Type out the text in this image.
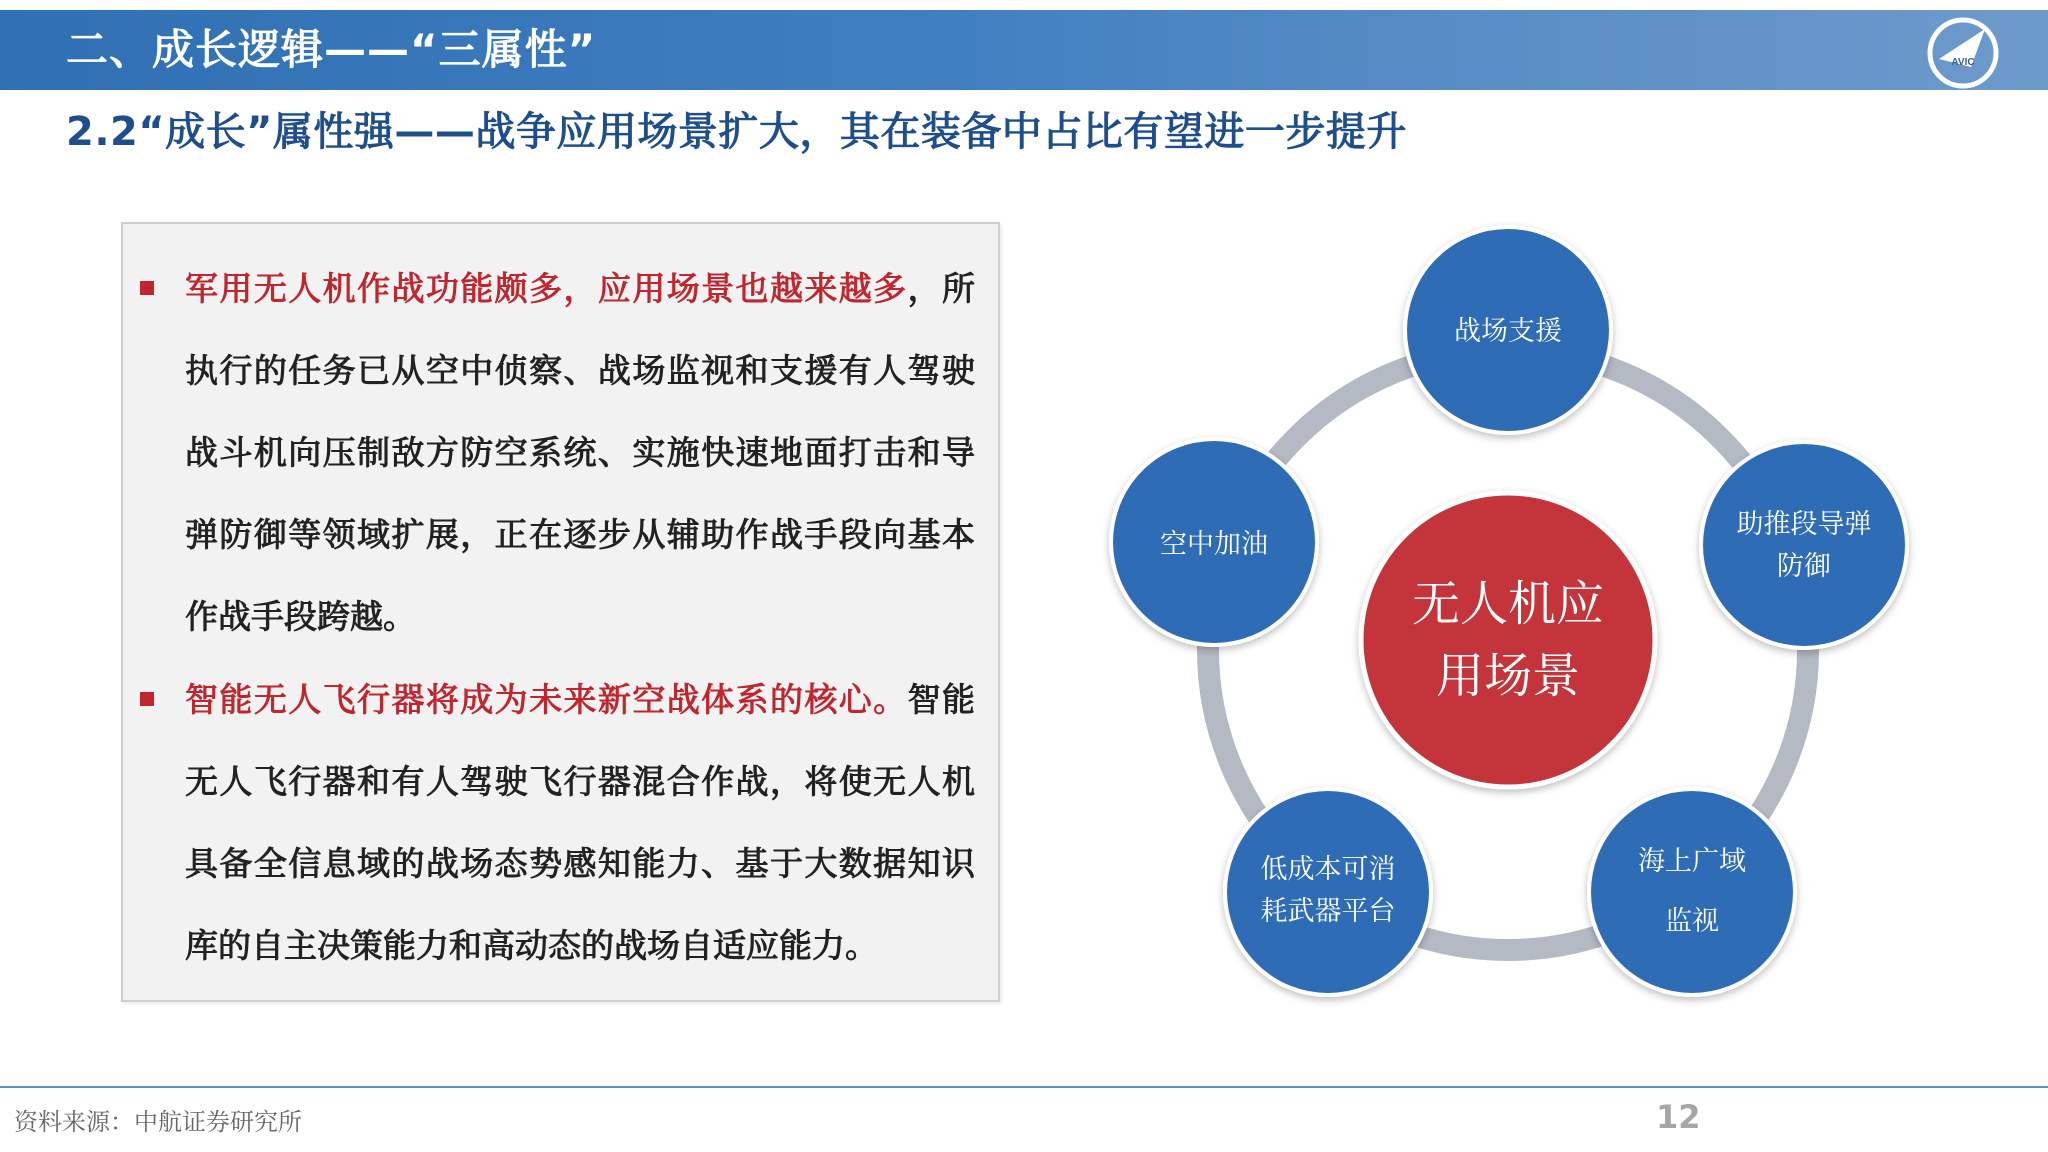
二、成长逻辑——“三属性”	AVIC
2.2“成长”属性强——战争应用场景扩大，其在装备中占比有望进一步提升
军用无人机作战功能颇多，应用场景也越来越多，所执行的任务已从空中侦察、战场监视和支援有人驾驶战斗机向压制敌方防空系统、实施快速地面打击和导弹防御等领域扩展，正在逐步从辅助作战手段向基本作战手段跨越。
智能无人飞行器将成为未来新空战体系的核心。智能无人飞行器和有人驾驶飞行器混合作战，将使无人机具备全信息域的战场态势感知能力、基于大数据知识库的自主决策能力和高动态的战场自适应能力。
无人机应
用场景
战场支援
助推段导弹
防御
海上广域
监视
低成本可消
耗武器平台
空中加油
资料来源：中航证券研究所	12
